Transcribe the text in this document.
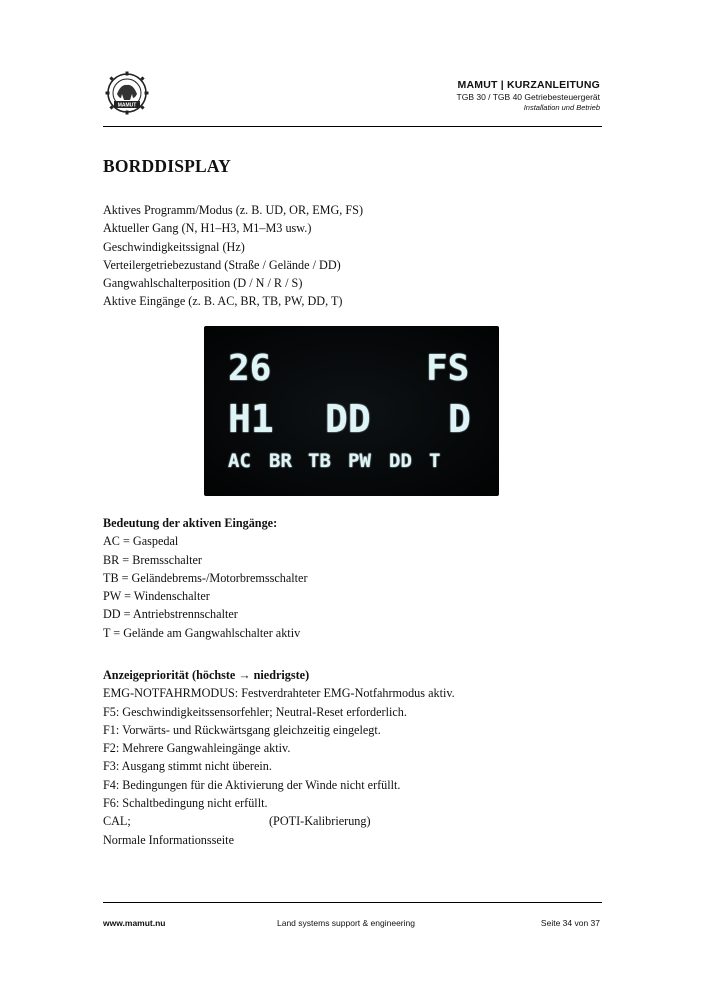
MAMUT
MAMUT | KURZANLEITUNG
TGB 30 / TGB 40 Getriebesteuergerät
Installation und Betrieb
BORDDISPLAY
Aktives Programm/Modus (z. B. UD, OR, EMG, FS)
Aktueller Gang (N, H1–H3, M1–M3 usw.)
Geschwindigkeitssignal (Hz)
Verteilergetriebezustand (Straße / Gelände / DD)
Gangwahlschalterposition (D / N / R / S)
Aktive Eingänge (z. B. AC, BR, TB, PW, DD, T)
26	FS
H1 DD D
AC BR TB PW DD T
Bedeutung der aktiven Eingänge:
AC = Gaspedal
BR = Bremsschalter
TB = Geländebrems-/Motorbremsschalter
PW = Windenschalter
DD = Antriebstrennschalter
T = Gelände am Gangwahlschalter aktiv
Anzeigepriorität (höchste → niedrigste)
EMG-NOTFAHRMODUS: Festverdrahteter EMG-Notfahrmodus aktiv.
F5: Geschwindigkeitssensorfehler; Neutral-Reset erforderlich.
F1: Vorwärts- und Rückwärtsgang gleichzeitig eingelegt.
F2: Mehrere Gangwahleingänge aktiv.
F3: Ausgang stimmt nicht überein.
F4: Bedingungen für die Aktivierung der Winde nicht erfüllt.
F6: Schaltbedingung nicht erfüllt.
CAL;	(POTI-Kalibrierung)
Normale Informationsseite
www.mamut.nu	Land systems support & engineering	Seite 34 von 37
